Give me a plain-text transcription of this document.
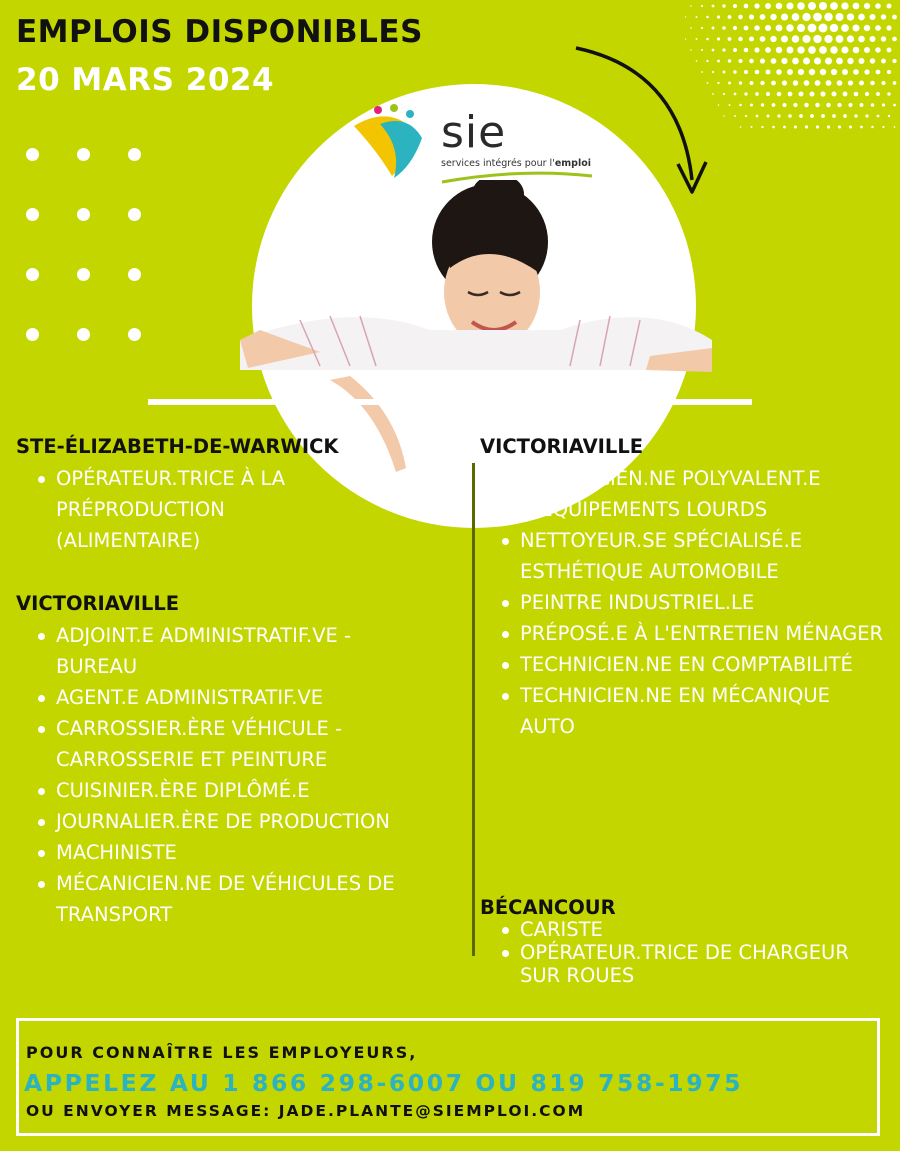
EMPLOIS DISPONIBLES
20 MARS 2024
sie
services intégrés pour l'emploi
STE-ÉLIZABETH-DE-WARWICK
OPÉRATEUR.TRICE À LA PRÉPRODUCTION (ALIMENTAIRE)
VICTORIAVILLE
ADJOINT.E ADMINISTRATIF.VE - BUREAU
AGENT.E ADMINISTRATIF.VE
CARROSSIER.ÈRE VÉHICULE - CARROSSERIE ET PEINTURE
CUISINIER.ÈRE DIPLÔMÉ.E
JOURNALIER.ÈRE DE PRODUCTION
MACHINISTE
MÉCANICIEN.NE DE VÉHICULES DE TRANSPORT
VICTORIAVILLE
MÉCANICIEN.NE POLYVALENT.E D'ÉQUIPEMENTS LOURDS
NETTOYEUR.SE SPÉCIALISÉ.E ESTHÉTIQUE AUTOMOBILE
PEINTRE INDUSTRIEL.LE
PRÉPOSÉ.E À L'ENTRETIEN MÉNAGER
TECHNICIEN.NE EN COMPTABILITÉ
TECHNICIEN.NE EN MÉCANIQUE AUTO
BÉCANCOUR
CARISTE
OPÉRATEUR.TRICE DE CHARGEUR SUR ROUES

POUR CONNAÎTRE LES EMPLOYEURS,

APPELEZ AU 1 866 298-6007 OU 819 758-1975

OU ENVOYER MESSAGE: JADE.PLANTE@SIEMPLOI.COM
